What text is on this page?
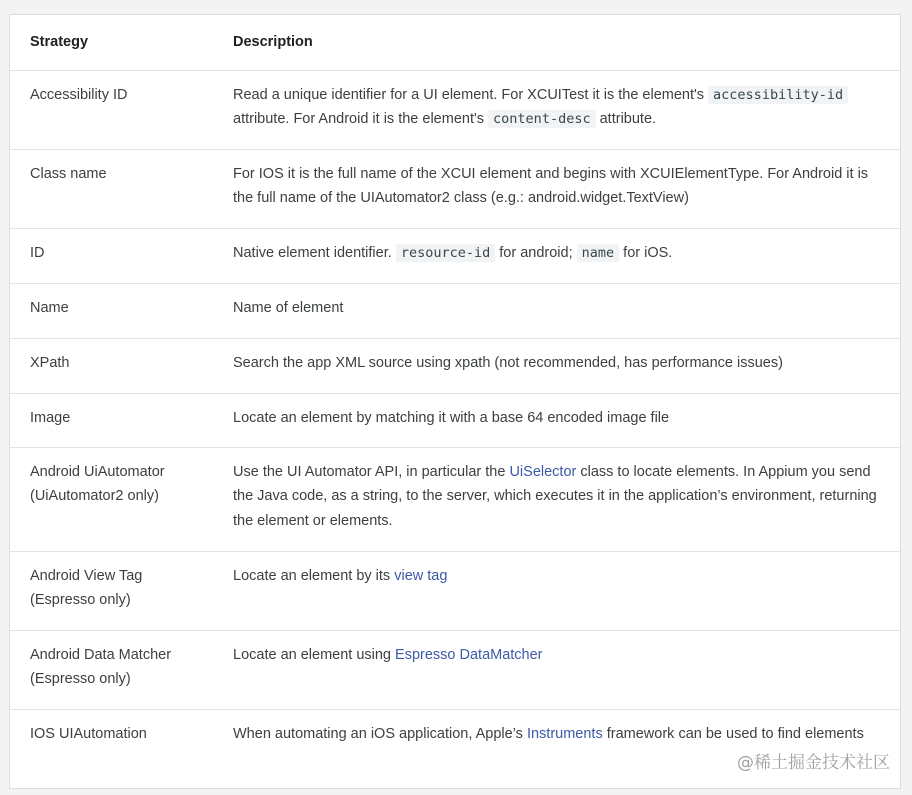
Strategy	Description
Accessibility ID	Read a unique identifier for a UI element. For XCUITest it is the element's accessibility-id attribute. For Android it is the element's content-desc attribute.
Class name	For IOS it is the full name of the XCUI element and begins with XCUIElementType. For Android it is the full name of the UIAutomator2 class (e.g.: android.widget.TextView)
ID	Native element identifier. resource-id for android; name for iOS.
Name	Name of element
XPath	Search the app XML source using xpath (not recommended, has performance issues)
Image	Locate an element by matching it with a base 64 encoded image file
Android UiAutomator (UiAutomator2 only)	Use the UI Automator API, in particular the UiSelector class to locate elements. In Appium you send the Java code, as a string, to the server, which executes it in the application’s environment, returning the element or elements.
Android View Tag (Espresso only)	Locate an element by its view tag
Android Data Matcher (Espresso only)	Locate an element using Espresso DataMatcher
IOS UIAutomation	When automating an iOS application, Apple’s Instruments framework can be used to find elements
@稀土掘金技术社区
